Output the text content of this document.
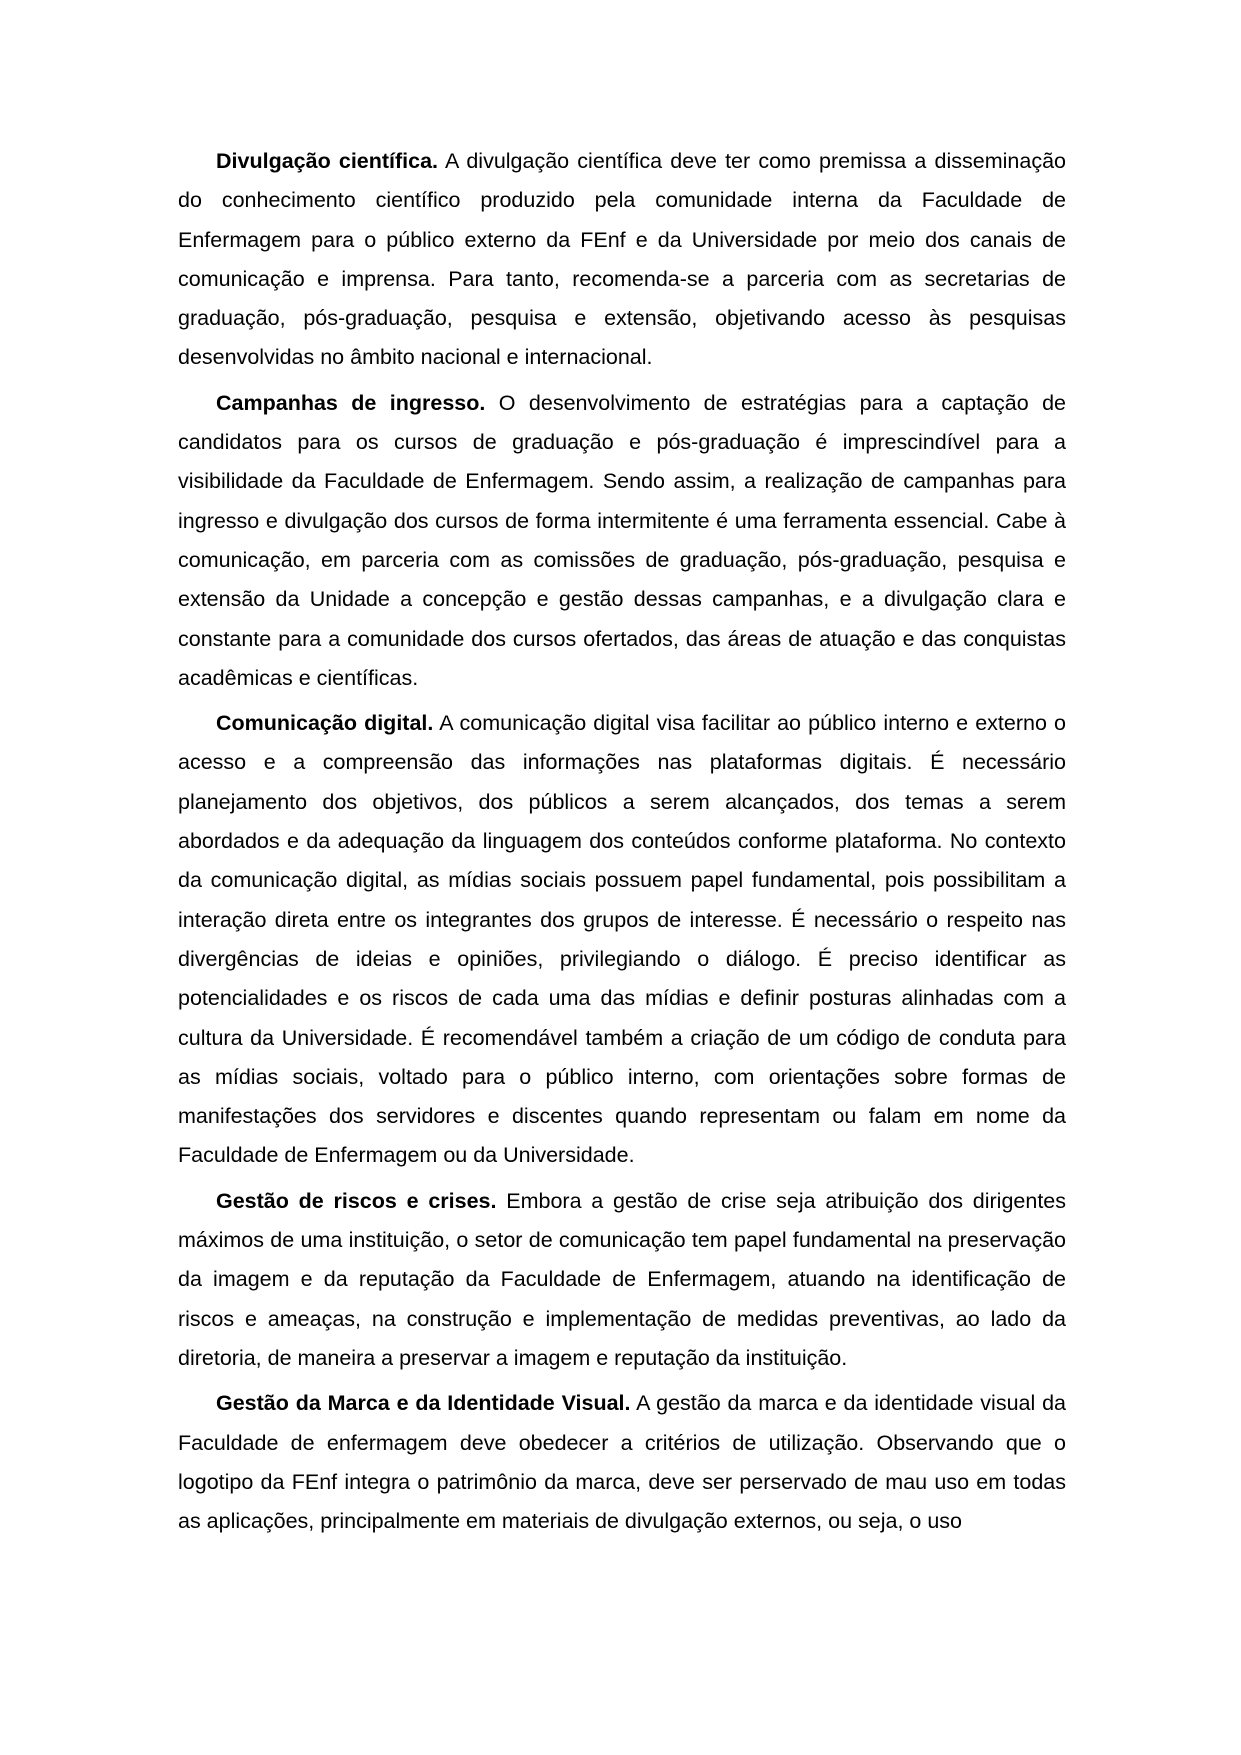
Divulgação científica. A divulgação científica deve ter como premissa a disseminação do conhecimento científico produzido pela comunidade interna da Faculdade de Enfermagem para o público externo da FEnf e da Universidade por meio dos canais de comunicação e imprensa. Para tanto, recomenda-se a parceria com as secretarias de graduação, pós-graduação, pesquisa e extensão, objetivando acesso às pesquisas desenvolvidas no âmbito nacional e internacional.

Campanhas de ingresso. O desenvolvimento de estratégias para a captação de candidatos para os cursos de graduação e pós-graduação é imprescindível para a visibilidade da Faculdade de Enfermagem. Sendo assim, a realização de campanhas para ingresso e divulgação dos cursos de forma intermitente é uma ferramenta essencial. Cabe à comunicação, em parceria com as comissões de graduação, pós-graduação, pesquisa e extensão da Unidade a concepção e gestão dessas campanhas, e a divulgação clara e constante para a comunidade dos cursos ofertados, das áreas de atuação e das conquistas acadêmicas e científicas.

Comunicação digital. A comunicação digital visa facilitar ao público interno e externo o acesso e a compreensão das informações nas plataformas digitais. É necessário planejamento dos objetivos, dos públicos a serem alcançados, dos temas a serem abordados e da adequação da linguagem dos conteúdos conforme plataforma. No contexto da comunicação digital, as mídias sociais possuem papel fundamental, pois possibilitam a interação direta entre os integrantes dos grupos de interesse. É necessário o respeito nas divergências de ideias e opiniões, privilegiando o diálogo. É preciso identificar as potencialidades e os riscos de cada uma das mídias e definir posturas alinhadas com a cultura da Universidade. É recomendável também a criação de um código de conduta para as mídias sociais, voltado para o público interno, com orientações sobre formas de manifestações dos servidores e discentes quando representam ou falam em nome da Faculdade de Enfermagem ou da Universidade.

Gestão de riscos e crises. Embora a gestão de crise seja atribuição dos dirigentes máximos de uma instituição, o setor de comunicação tem papel fundamental na preservação da imagem e da reputação da Faculdade de Enfermagem, atuando na identificação de riscos e ameaças, na construção e implementação de medidas preventivas, ao lado da diretoria, de maneira a preservar a imagem e reputação da instituição.

Gestão da Marca e da Identidade Visual. A gestão da marca e da identidade visual da Faculdade de enfermagem deve obedecer a critérios de utilização. Observando que o logotipo da FEnf integra o patrimônio da marca, deve ser perservado de mau uso em todas as aplicações, principalmente em materiais de divulgação externos, ou seja, o uso
